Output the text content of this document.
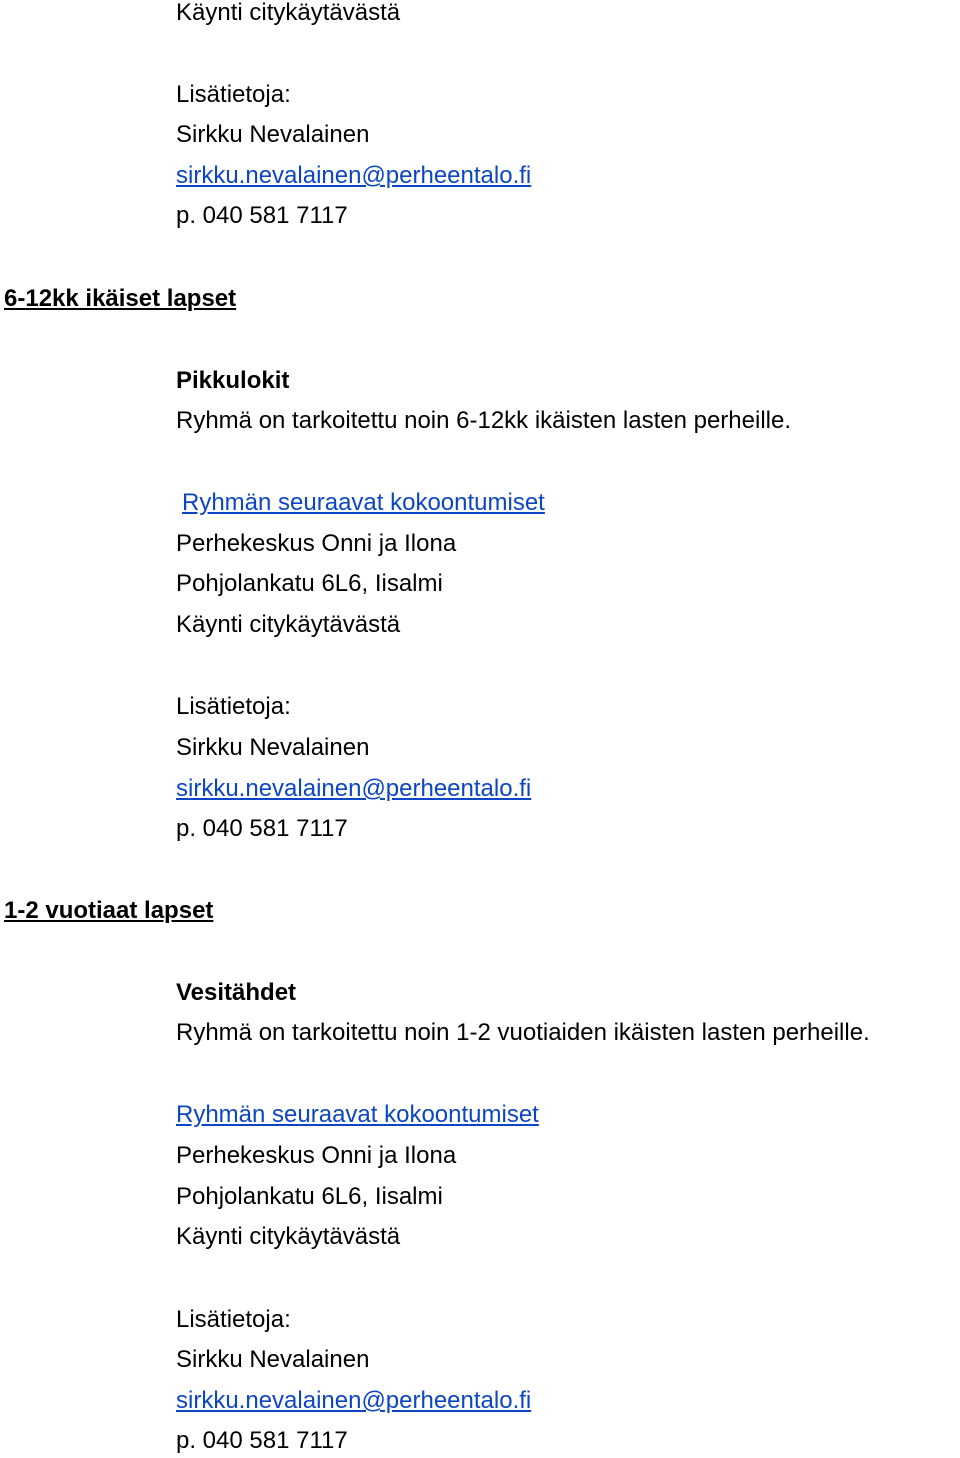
Käynti citykäytävästä
Lisätietoja:
Sirkku Nevalainen
sirkku.nevalainen@perheentalo.fi
p. 040 581 7117
6-12kk ikäiset lapset
Pikkulokit
Ryhmä on tarkoitettu noin 6-12kk ikäisten lasten perheille.
Ryhmän seuraavat kokoontumiset
Perhekeskus Onni ja Ilona
Pohjolankatu 6L6, Iisalmi
Käynti citykäytävästä
Lisätietoja:
Sirkku Nevalainen
sirkku.nevalainen@perheentalo.fi
p. 040 581 7117
1-2 vuotiaat lapset
Vesitähdet
Ryhmä on tarkoitettu noin 1-2 vuotiaiden ikäisten lasten perheille.
Ryhmän seuraavat kokoontumiset
Perhekeskus Onni ja Ilona
Pohjolankatu 6L6, Iisalmi
Käynti citykäytävästä
Lisätietoja:
Sirkku Nevalainen
sirkku.nevalainen@perheentalo.fi
p. 040 581 7117
